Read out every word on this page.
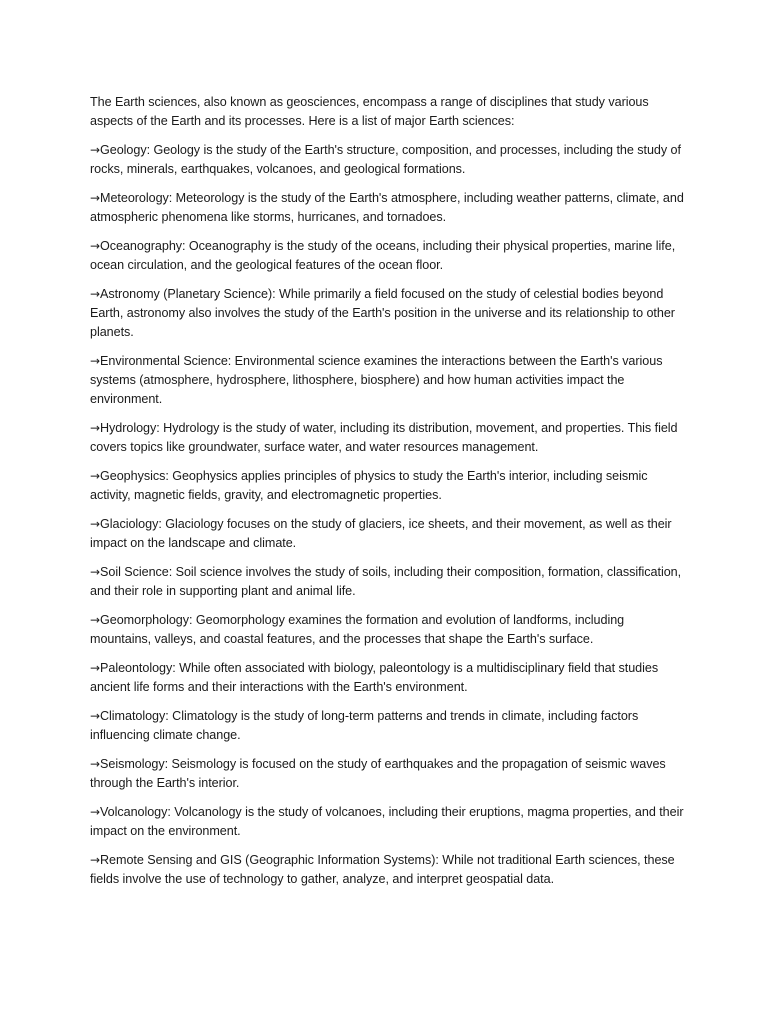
The Earth sciences, also known as geosciences, encompass a range of disciplines that study various aspects of the Earth and its processes. Here is a list of major Earth sciences:

→Geology: Geology is the study of the Earth's structure, composition, and processes, including the study of rocks, minerals, earthquakes, volcanoes, and geological formations.

→Meteorology: Meteorology is the study of the Earth's atmosphere, including weather patterns, climate, and atmospheric phenomena like storms, hurricanes, and tornadoes.

→Oceanography: Oceanography is the study of the oceans, including their physical properties, marine life, ocean circulation, and the geological features of the ocean floor.

→Astronomy (Planetary Science): While primarily a field focused on the study of celestial bodies beyond Earth, astronomy also involves the study of the Earth's position in the universe and its relationship to other planets.

→Environmental Science: Environmental science examines the interactions between the Earth's various systems (atmosphere, hydrosphere, lithosphere, biosphere) and how human activities impact the environment.

→Hydrology: Hydrology is the study of water, including its distribution, movement, and properties. This field covers topics like groundwater, surface water, and water resources management.

→Geophysics: Geophysics applies principles of physics to study the Earth's interior, including seismic activity, magnetic fields, gravity, and electromagnetic properties.

→Glaciology: Glaciology focuses on the study of glaciers, ice sheets, and their movement, as well as their impact on the landscape and climate.

→Soil Science: Soil science involves the study of soils, including their composition, formation, classification, and their role in supporting plant and animal life.

→Geomorphology: Geomorphology examines the formation and evolution of landforms, including mountains, valleys, and coastal features, and the processes that shape the Earth's surface.

→Paleontology: While often associated with biology, paleontology is a multidisciplinary field that studies ancient life forms and their interactions with the Earth's environment.

→Climatology: Climatology is the study of long-term patterns and trends in climate, including factors influencing climate change.

→Seismology: Seismology is focused on the study of earthquakes and the propagation of seismic waves through the Earth's interior.

→Volcanology: Volcanology is the study of volcanoes, including their eruptions, magma properties, and their impact on the environment.

→Remote Sensing and GIS (Geographic Information Systems): While not traditional Earth sciences, these fields involve the use of technology to gather, analyze, and interpret geospatial data.
